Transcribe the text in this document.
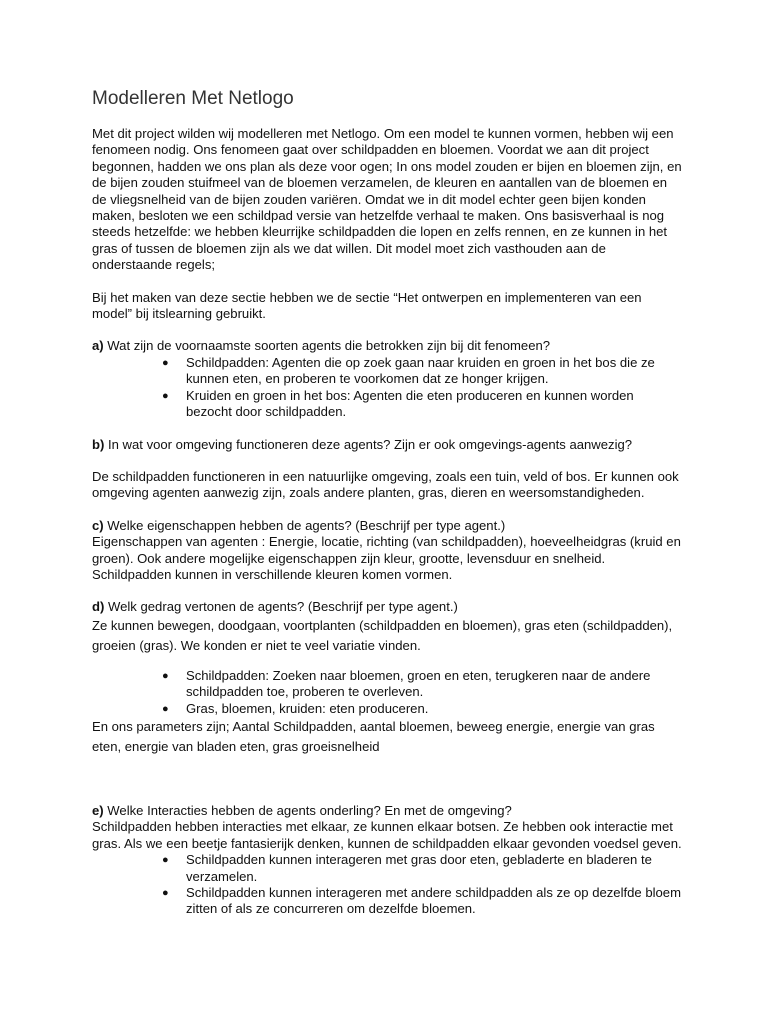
Modelleren Met Netlogo

Met dit project wilden wij modelleren met Netlogo. Om een model te kunnen vormen, hebben wij een fenomeen nodig. Ons fenomeen gaat over schildpadden en bloemen. Voordat we aan dit project begonnen, hadden we ons plan als deze voor ogen; In ons model zouden er bijen en bloemen zijn, en de bijen zouden stuifmeel van de bloemen verzamelen, de kleuren en aantallen van de bloemen en de vliegsnelheid van de bijen zouden variëren. Omdat we in dit model echter geen bijen konden maken, besloten we een schildpad versie van hetzelfde verhaal te maken. Ons basisverhaal is nog steeds hetzelfde: we hebben kleurrijke schildpadden die lopen en zelfs rennen, en ze kunnen in het gras of tussen de bloemen zijn als we dat willen. Dit model moet zich vasthouden aan de onderstaande regels;

Bij het maken van deze sectie hebben we de sectie “Het ontwerpen en implementeren van een model” bij itslearning gebruikt.

a) Wat zijn de voornaamste soorten agents die betrokken zijn bij dit fenomeen?

● Schildpadden: Agenten die op zoek gaan naar kruiden en groen in het bos die ze kunnen eten, en proberen te voorkomen dat ze honger krijgen.
● Kruiden en groen in het bos: Agenten die eten produceren en kunnen worden bezocht door schildpadden.

b) In wat voor omgeving functioneren deze agents? Zijn er ook omgevings-agents aanwezig?

De schildpadden functioneren in een natuurlijke omgeving, zoals een tuin, veld of bos. Er kunnen ook omgeving agenten aanwezig zijn, zoals andere planten, gras, dieren en weersomstandigheden.

c) Welke eigenschappen hebben de agents? (Beschrijf per type agent.)

Eigenschappen van agenten : Energie, locatie, richting (van schildpadden), hoeveelheidgras (kruid en groen). Ook andere mogelijke eigenschappen zijn kleur, grootte, levensduur en snelheid. Schildpadden kunnen in verschillende kleuren komen vormen.

d) Welk gedrag vertonen de agents? (Beschrijf per type agent.)

Ze kunnen bewegen, doodgaan, voortplanten (schildpadden en bloemen), gras eten (schildpadden), groeien (gras). We konden er niet te veel variatie vinden.

● Schildpadden: Zoeken naar bloemen, groen en eten, terugkeren naar de andere schildpadden toe, proberen te overleven.
● Gras, bloemen, kruiden: eten produceren.

En ons parameters zijn; Aantal Schildpadden, aantal bloemen, beweeg energie, energie van gras eten, energie van bladen eten, gras groeisnelheid

e) Welke Interacties hebben de agents onderling? En met de omgeving?

Schildpadden hebben interacties met elkaar, ze kunnen elkaar botsen. Ze hebben ook interactie met gras. Als we een beetje fantasierijk denken, kunnen de schildpadden elkaar gevonden voedsel geven.

● Schildpadden kunnen interageren met gras door eten, gebladerte en bladeren te verzamelen.
● Schildpadden kunnen interageren met andere schildpadden als ze op dezelfde bloem zitten of als ze concurreren om dezelfde bloemen.
